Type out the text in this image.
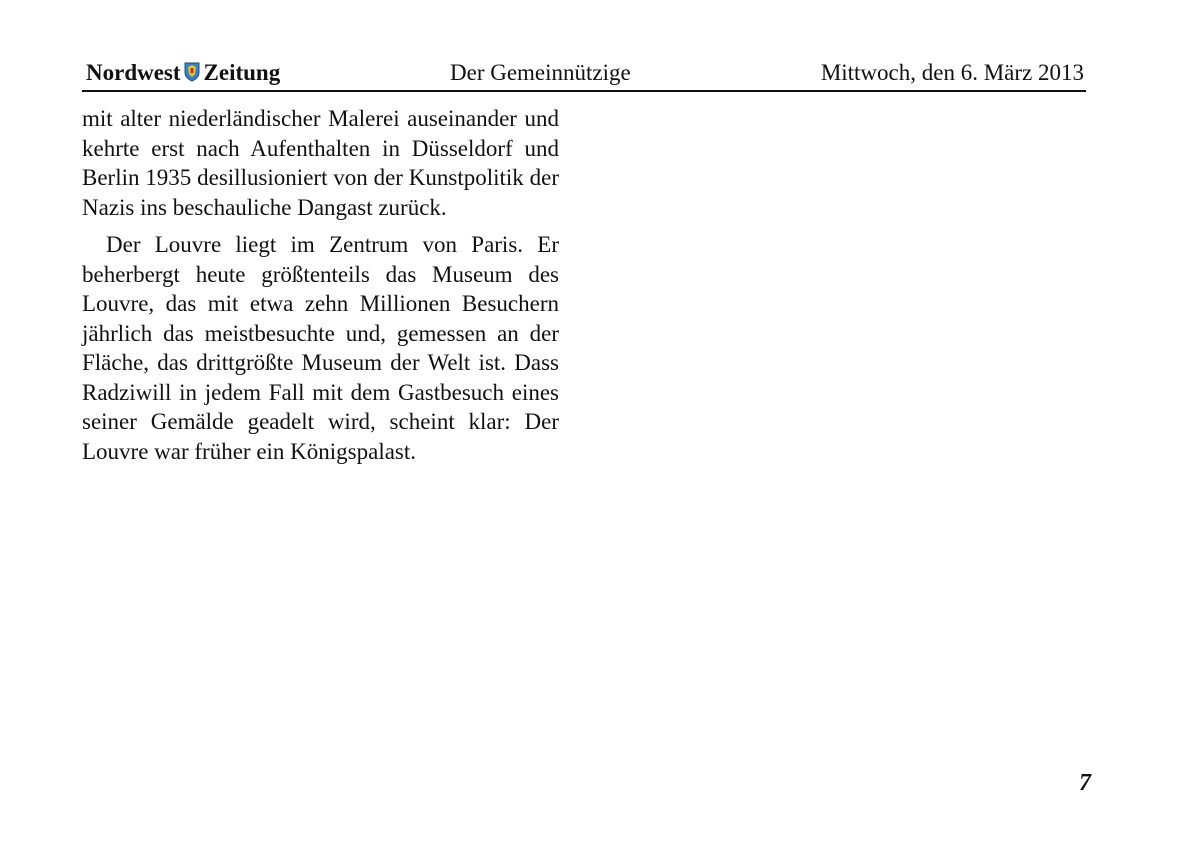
Nordwest Zeitung	Der Gemeinnützige	Mittwoch, den 6. März 2013

mit alter niederländischer Malerei auseinander und kehrte erst nach Aufenthalten in Düsseldorf und Berlin 1935 desillusioniert von der Kunstpolitik der Nazis ins beschauliche Dangast zurück.

Der Louvre liegt im Zentrum von Paris. Er beherbergt heute größtenteils das Museum des Louvre, das mit etwa zehn Millionen Besuchern jährlich das meistbesuchte und, gemessen an der Fläche, das drittgrößte Museum der Welt ist. Dass Radziwill in jedem Fall mit dem Gastbesuch eines seiner Gemälde geadelt wird, scheint klar: Der Louvre war früher ein Königspalast.

7
